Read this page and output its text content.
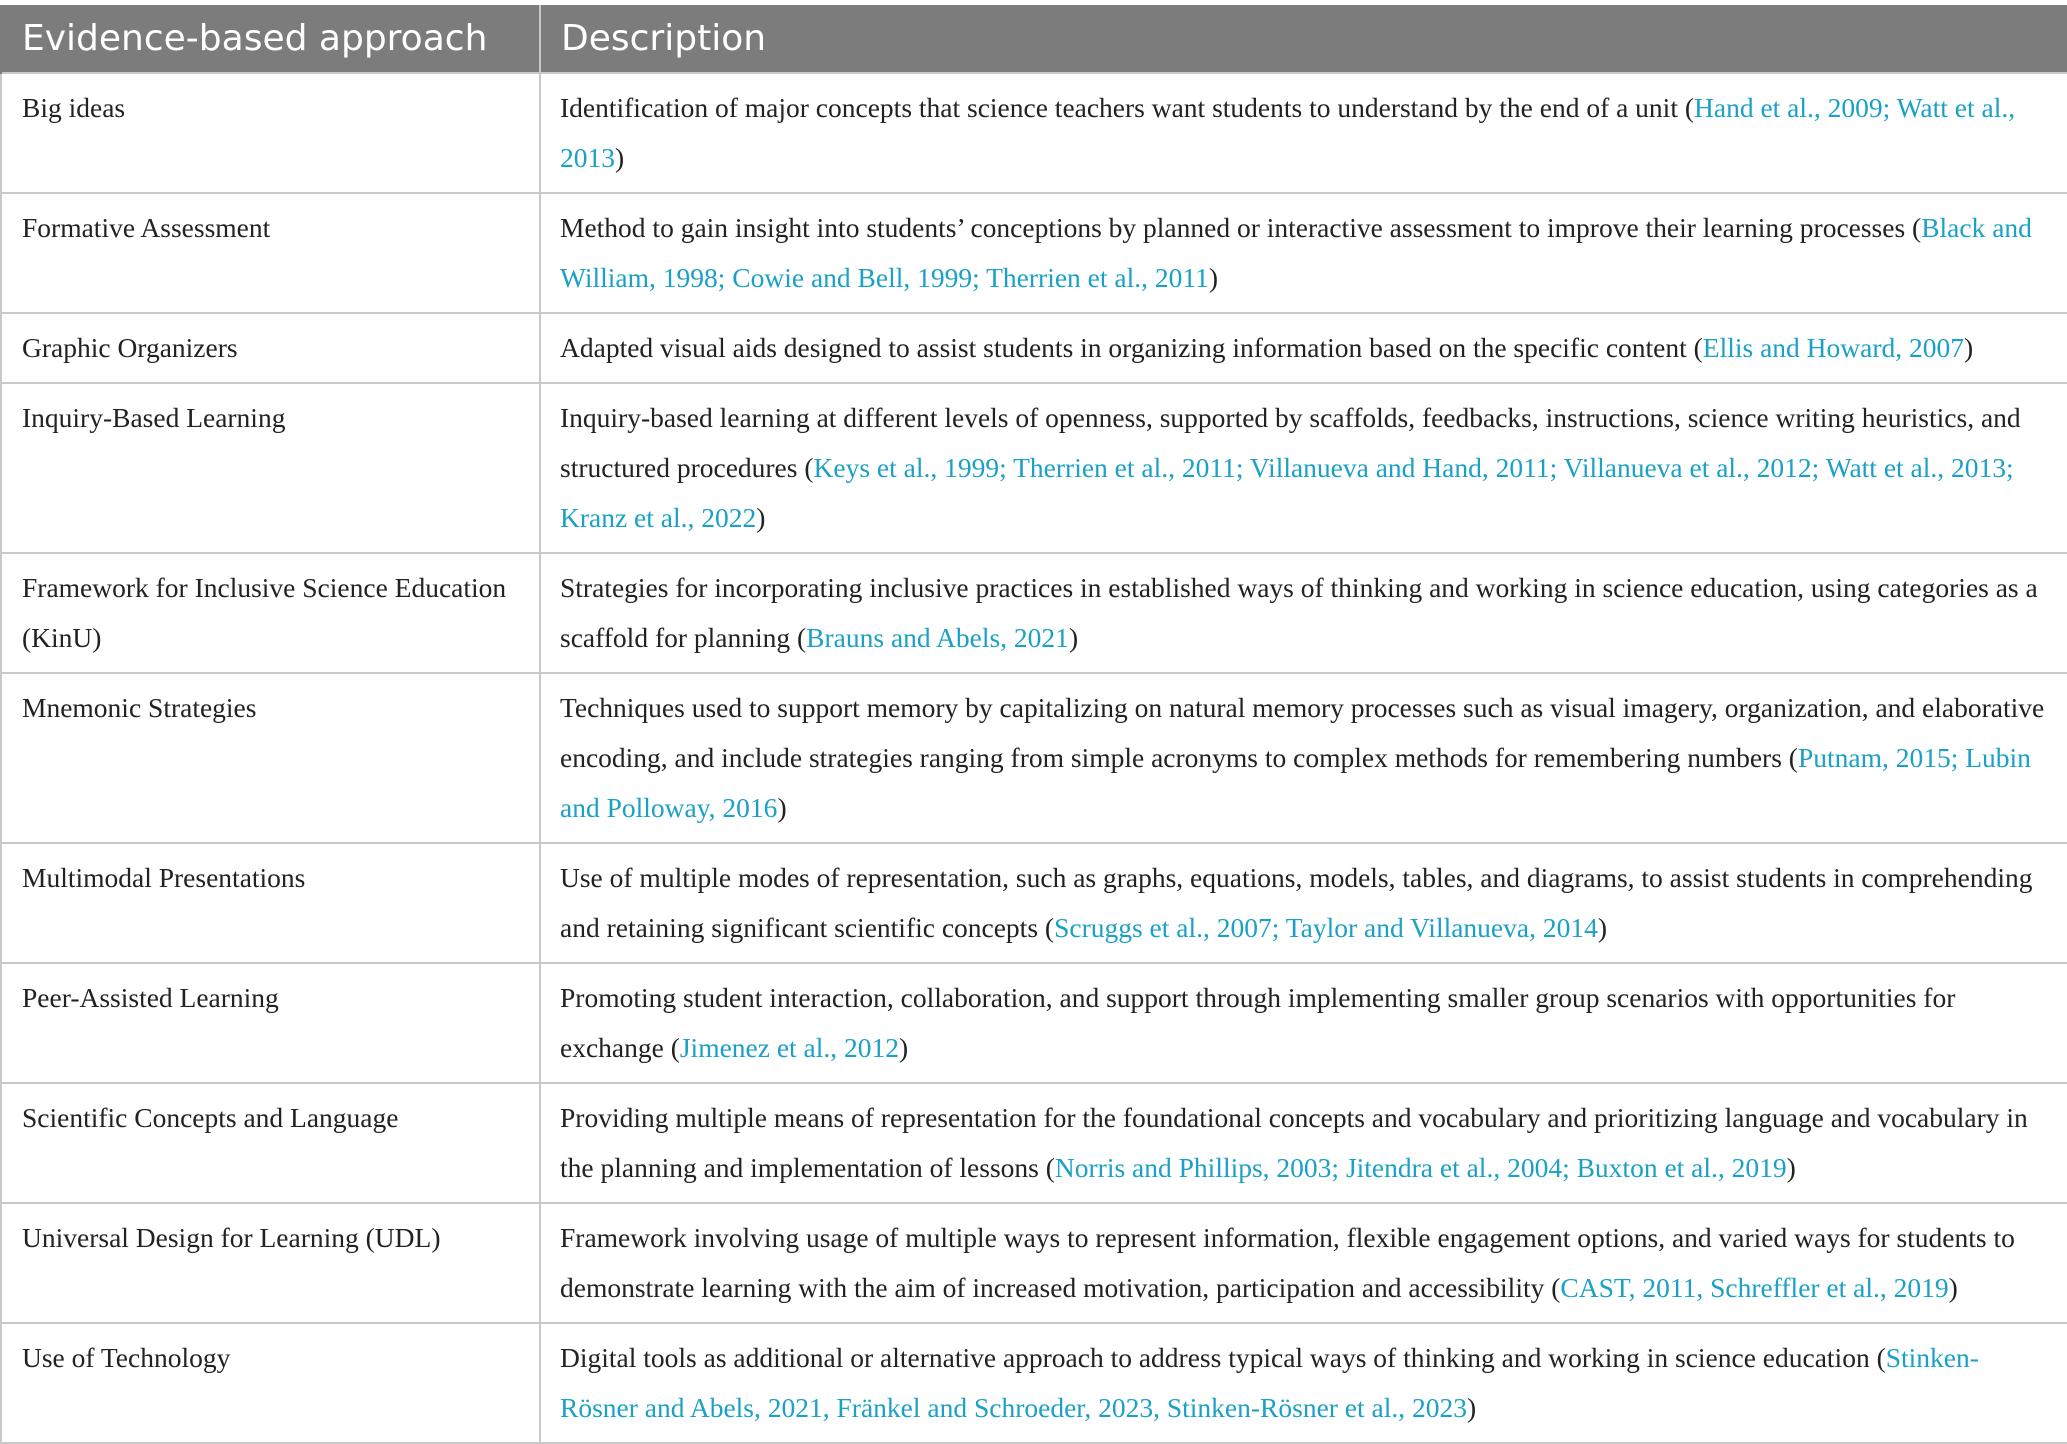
Evidence-based approach	Description
Big ideas	Identification of major concepts that science teachers want students to understand by the end of a unit (Hand et al., 2009; Watt et al., 2013)
Formative Assessment	Method to gain insight into students’ conceptions by planned or interactive assessment to improve their learning processes (Black and William, 1998; Cowie and Bell, 1999; Therrien et al., 2011)
Graphic Organizers	Adapted visual aids designed to assist students in organizing information based on the specific content (Ellis and Howard, 2007)
Inquiry-Based Learning	Inquiry-based learning at different levels of openness, supported by scaffolds, feedbacks, instructions, science writing heuristics, and structured procedures (Keys et al., 1999; Therrien et al., 2011; Villanueva and Hand, 2011; Villanueva et al., 2012; Watt et al., 2013; Kranz et al., 2022)
Framework for Inclusive Science Education (KinU)	Strategies for incorporating inclusive practices in established ways of thinking and working in science education, using categories as a scaffold for planning (Brauns and Abels, 2021)
Mnemonic Strategies	Techniques used to support memory by capitalizing on natural memory processes such as visual imagery, organization, and elaborative encoding, and include strategies ranging from simple acronyms to complex methods for remembering numbers (Putnam, 2015; Lubin and Polloway, 2016)
Multimodal Presentations	Use of multiple modes of representation, such as graphs, equations, models, tables, and diagrams, to assist students in comprehending and retaining significant scientific concepts (Scruggs et al., 2007; Taylor and Villanueva, 2014)
Peer-Assisted Learning	Promoting student interaction, collaboration, and support through implementing smaller group scenarios with opportunities for exchange (Jimenez et al., 2012)
Scientific Concepts and Language	Providing multiple means of representation for the foundational concepts and vocabulary and prioritizing language and vocabulary in the planning and implementation of lessons (Norris and Phillips, 2003; Jitendra et al., 2004; Buxton et al., 2019)
Universal Design for Learning (UDL)	Framework involving usage of multiple ways to represent information, flexible engagement options, and varied ways for students to demonstrate learning with the aim of increased motivation, participation and accessibility (CAST, 2011, Schreffler et al., 2019)
Use of Technology	Digital tools as additional or alternative approach to address typical ways of thinking and working in science education (Stinken-Rösner and Abels, 2021, Fränkel and Schroeder, 2023, Stinken-Rösner et al., 2023)
